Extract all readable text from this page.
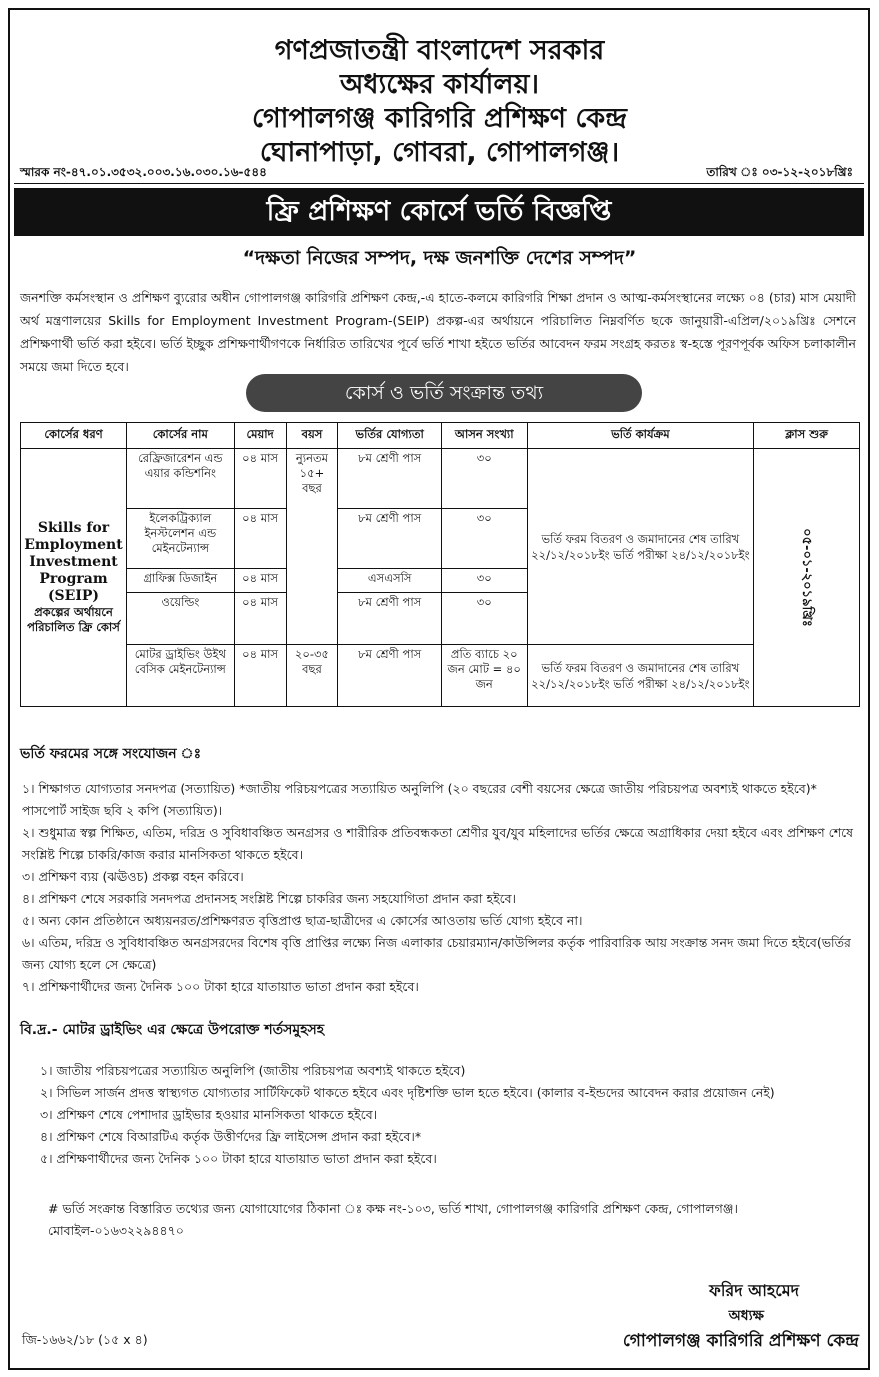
গণপ্রজাতন্ত্রী বাংলাদেশ সরকার
অধ্যক্ষের কার্যালয়।
গোপালগঞ্জ কারিগরি প্রশিক্ষণ কেন্দ্র
ঘোনাপাড়া, গোবরা, গোপালগঞ্জ।
স্মারক নং-৪৭.০১.৩৫৩২.০০৩.১৬.০৩০.১৬-৫৪৪	তারিখ ঃ ০৩-১২-২০১৮খ্রিঃ
ফ্রি প্রশিক্ষণ কোর্সে ভর্তি বিজ্ঞপ্তি
“দক্ষতা নিজের সম্পদ, দক্ষ জনশক্তি দেশের সম্পদ”
জনশক্তি কর্মসংস্থান ও প্রশিক্ষণ ব্যুরোর অধীন গোপালগঞ্জ কারিগরি প্রশিক্ষণ কেন্দ্র,-এ হাতে-কলমে কারিগরি শিক্ষা প্রদান ও আত্ম-কর্মসংস্থানের লক্ষ্যে ০৪ (চার) মাস মেয়াদী অর্থ মন্ত্রণালয়ের Skills for Employment Investment Program-(SEIP) প্রকল্প-এর অর্থায়নে পরিচালিত নিম্নবর্ণিত ছকে জানুয়ারী-এপ্রিল/২০১৯খ্রিঃ সেশনে প্রশিক্ষণার্থী ভর্তি করা হইবে। ভর্তি ইচ্ছুক প্রশিক্ষণার্থীগণকে নির্ধারিত তারিখের পূর্বে ভর্তি শাখা হইতে ভর্তির আবেদন ফরম সংগ্রহ করতঃ স্ব-হস্তে পূরণপূর্বক অফিস চলাকালীন সময়ে জমা দিতে হবে।
কোর্স ও ভর্তি সংক্রান্ত তথ্য
কোর্সের ধরণ	কোর্সের নাম	মেয়াদ	বয়স	ভর্তির যোগ্যতা	আসন সংখ্যা	ভর্তি কার্যক্রম	ক্লাস শুরু
Skills for Employment Investment Program (SEIP)
প্রকল্পের অর্থায়নে পরিচালিত ফ্রি কোর্স	রেফ্রিজারেশন এন্ড এয়ার কন্ডিশনিং	০৪ মাস	ন্যুনতম ১৫+ বছর	৮ম শ্রেণী পাস	৩০	ভর্তি ফরম বিতরণ ও জমাদানের শেষ তারিখ ২২/১২/২০১৮ইং ভর্তি পরীক্ষা ২৪/১২/২০১৮ইং	০৫-০১-২০১৯খ্রিঃ
	ইলেকট্রিক্যাল ইনস্টলেশন এন্ড মেইনটেন্যান্স	০৪ মাস		৮ম শ্রেণী পাস	৩০		
	গ্রাফিক্স ডিজাইন	০৪ মাস		এসএসসি	৩০		
	ওয়েল্ডিং	০৪ মাস		৮ম শ্রেণী পাস	৩০		
	মোটর ড্রাইভিং উইথ বেসিক মেইনটেন্যান্স	০৪ মাস	২০-৩৫ বছর	৮ম শ্রেণী পাস	প্রতি ব্যাচে ২০ জন মোট = ৪০ জন	ভর্তি ফরম বিতরণ ও জমাদানের শেষ তারিখ ২২/১২/২০১৮ইং ভর্তি পরীক্ষা ২৪/১২/২০১৮ইং	
ভর্তি ফরমের সঙ্গে সংযোজন ঃ
১। শিক্ষাগত যোগ্যতার সনদপত্র (সত্যায়িত) *জাতীয় পরিচয়পত্রের সত্যায়িত অনুলিপি (২০ বছরের বেশী বয়সের ক্ষেত্রে জাতীয় পরিচয়পত্র অবশ্যই থাকতে হইবে)* পাসপোর্ট সাইজ ছবি ২ কপি (সত্যায়িত)।
২। শুধুমাত্র স্বল্প শিক্ষিত, এতিম, দরিদ্র ও সুবিধাবঞ্চিত অনগ্রসর ও শারীরিক প্রতিবন্ধকতা শ্রেণীর যুব/যুব মহিলাদের ভর্তির ক্ষেত্রে অগ্রাধিকার দেয়া হইবে এবং প্রশিক্ষণ শেষে সংশ্লিষ্ট শিল্পে চাকরি/কাজ করার মানসিকতা থাকতে হইবে।
৩। প্রশিক্ষণ ব্যয় (ঝঊওচ) প্রকল্প বহন করিবে।
৪। প্রশিক্ষণ শেষে সরকারি সনদপত্র প্রদানসহ সংশ্লিষ্ট শিল্পে চাকরির জন্য সহযোগিতা প্রদান করা হইবে।
৫। অন্য কোন প্রতিষ্ঠানে অধ্যয়নরত/প্রশিক্ষণরত বৃত্তিপ্রাপ্ত ছাত্র-ছাত্রীদের এ কোর্সের আওতায় ভর্তি যোগ্য হইবে না।
৬। এতিম, দরিদ্র ও সুবিধাবঞ্চিত অনগ্রসরদের বিশেষ বৃত্তি প্রাপ্তির লক্ষ্যে নিজ এলাকার চেয়ারম্যান/কাউন্সিলর কর্তৃক পারিবারিক আয় সংক্রান্ত সনদ জমা দিতে হইবে(ভর্তির জন্য যোগ্য হলে সে ক্ষেত্রে)
৭। প্রশিক্ষণার্থীদের জন্য দৈনিক ১০০ টাকা হারে যাতায়াত ভাতা প্রদান করা হইবে।
বি.দ্র.- মোটর ড্রাইভিং এর ক্ষেত্রে উপরোক্ত শর্তসমুহসহ
১। জাতীয় পরিচয়পত্রের সত্যায়িত অনুলিপি (জাতীয় পরিচয়পত্র অবশ্যই থাকতে হইবে)
২। সিভিল সার্জন প্রদত্ত স্বাস্থ্যগত যোগ্যতার সার্টিফিকেট থাকতে হইবে এবং দৃষ্টিশক্তি ভাল হতে হইবে। (কালার ব-ইন্ডদের আবেদন করার প্রয়োজন নেই)
৩। প্রশিক্ষণ শেষে পেশাদার ড্রাইভার হওয়ার মানসিকতা থাকতে হইবে।
৪। প্রশিক্ষণ শেষে বিআরটিএ কর্তৃক উত্তীর্ণদের ফ্রি লাইসেন্স প্রদান করা হইবে।*
৫। প্রশিক্ষণার্থীদের জন্য দৈনিক ১০০ টাকা হারে যাতায়াত ভাতা প্রদান করা হইবে।
# ভর্তি সংক্রান্ত বিস্তারিত তথ্যের জন্য যোগাযোগের ঠিকানা ঃ কক্ষ নং-১০৩, ভর্তি শাখা, গোপালগঞ্জ কারিগরি প্রশিক্ষণ কেন্দ্র, গোপালগঞ্জ। মোবাইল-০১৬৩২২৯৪৪৭০
ফরিদ আহমেদ
অধ্যক্ষ
গোপালগঞ্জ কারিগরি প্রশিক্ষণ কেন্দ্র
জি-১৬৬২/১৮ (১৫ x ৪)
